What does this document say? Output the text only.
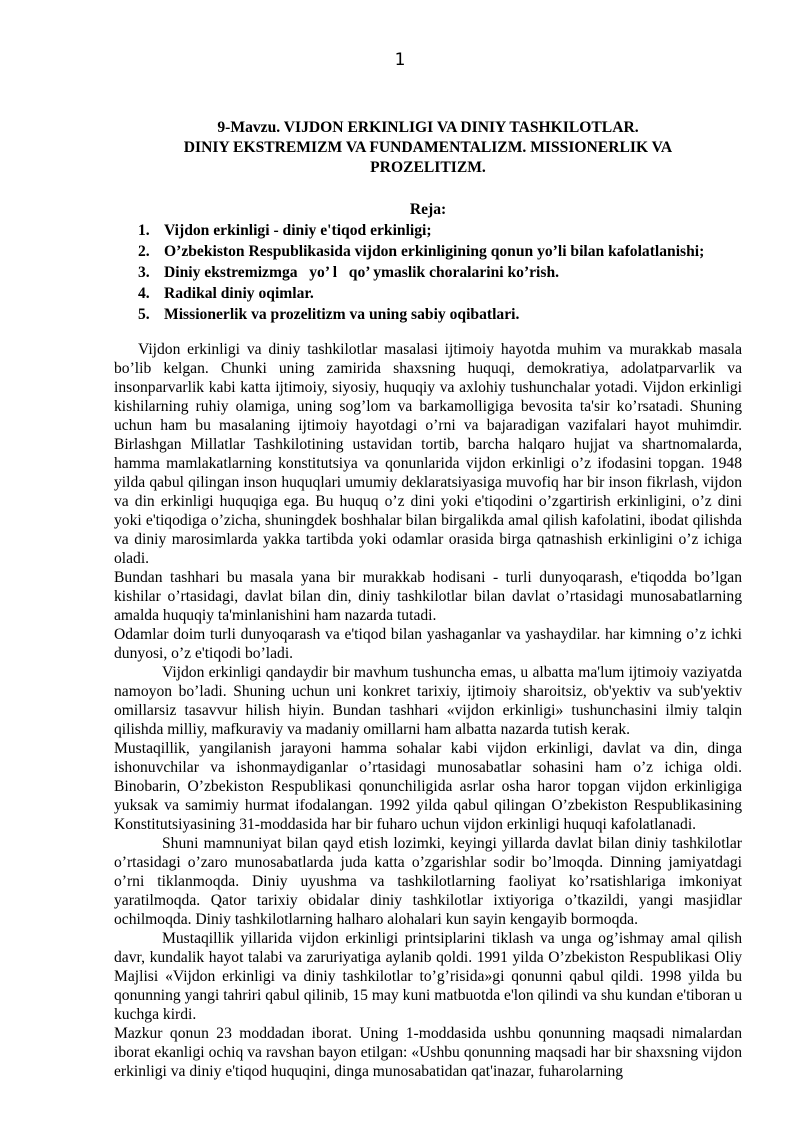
1

9-Mavzu. VIJDON ERKINLIGI VA DINIY TASHKILOTLAR.

DINIY EKSTREMIZM VA FUNDAMENTALIZM. MISSIONERLIK VA

PROZELITIZM.

Reja:

1. Vijdon erkinligi - diniy e'tiqod erkinligi;
2. O’zbekiston Respublikasida vijdon erkinligining qonun yo’li bilan kafolatlanishi;
3. Diniy ekstremizmga   yo’ l   qo’ ymaslik choralarini ko’rish.
4. Radikal diniy oqimlar.
5. Missionerlik va prozelitizm va uning sabiy oqibatlari.

Vijdon erkinligi va diniy tashkilotlar masalasi ijtimoiy hayotda muhim va murakkab masala bo’lib kelgan. Chunki uning zamirida shaxsning huquqi, demokratiya, adolatparvarlik va insonparvarlik kabi katta ijtimoiy, siyosiy, huquqiy va axlohiy tushunchalar yotadi. Vijdon erkinligi kishilarning ruhiy olamiga, uning sog’lom va barkamolligiga bevosita ta'sir ko’rsatadi. Shuning uchun ham bu masalaning ijtimoiy hayotdagi o’rni va bajaradigan vazifalari hayot muhimdir. Birlashgan Millatlar Tashkilotining ustavidan tortib, barcha halqaro hujjat va shartnomalarda, hamma mamlakatlarning konstitutsiya va qonunlarida vijdon erkinligi o’z ifodasini topgan. 1948 yilda qabul qilingan inson huquqlari umumiy deklaratsiyasiga muvofiq har bir inson fikrlash, vijdon va din erkinligi huquqiga ega. Bu huquq o’z dini yoki e'tiqodini o’zgartirish erkinligini, o’z dini yoki e'tiqodiga o’zicha, shuningdek boshhalar bilan birgalikda amal qilish kafolatini, ibodat qilishda va diniy marosimlarda yakka tartibda yoki odamlar orasida birga qatnashish erkinligini o’z ichiga oladi.

Bundan tashhari bu masala yana bir murakkab hodisani - turli dunyoqarash, e'tiqodda bo’lgan kishilar o’rtasidagi, davlat bilan din, diniy tashkilotlar bilan davlat o’rtasidagi munosabatlarning amalda huquqiy ta'minlanishini ham nazarda tutadi.

Odamlar doim turli dunyoqarash va e'tiqod bilan yashaganlar va yashaydilar. har kimning o’z ichki dunyosi, o’z e'tiqodi bo’ladi.

Vijdon erkinligi qandaydir bir mavhum tushuncha emas, u albatta ma'lum ijtimoiy vaziyatda namoyon bo’ladi. Shuning uchun uni konkret tarixiy, ijtimoiy sharoitsiz, ob'yektiv va sub'yektiv omillarsiz tasavvur hilish hiyin. Bundan tashhari «vijdon erkinligi» tushunchasini ilmiy talqin qilishda milliy, mafkuraviy va madaniy omillarni ham albatta nazarda tutish kerak.

Mustaqillik, yangilanish jarayoni hamma sohalar kabi vijdon erkinligi, davlat va din, dinga ishonuvchilar va ishonmaydiganlar o’rtasidagi munosabatlar sohasini ham o’z ichiga oldi. Binobarin, O’zbekiston Respublikasi qonunchiligida asrlar osha haror topgan vijdon erkinligiga yuksak va samimiy hurmat ifodalangan. 1992 yilda qabul qilingan O’zbekiston Respublikasining Konstitutsiyasining 31-moddasida har bir fuharo uchun vijdon erkinligi huquqi kafolatlanadi.

Shuni mamnuniyat bilan qayd etish lozimki, keyingi yillarda davlat bilan diniy tashkilotlar o’rtasidagi o’zaro munosabatlarda juda katta o’zgarishlar sodir bo’lmoqda. Dinning jamiyatdagi o’rni tiklanmoqda. Diniy uyushma va tashkilotlarning faoliyat ko’rsatishlariga imkoniyat yaratilmoqda. Qator tarixiy obidalar diniy tashkilotlar ixtiyoriga o’tkazildi, yangi masjidlar ochilmoqda. Diniy tashkilotlarning halharo alohalari kun sayin kengayib bormoqda.

Mustaqillik yillarida vijdon erkinligi printsiplarini tiklash va unga og’ishmay amal qilish davr, kundalik hayot talabi va zaruriyatiga aylanib qoldi. 1991 yilda O’zbekiston Respublikasi Oliy Majlisi «Vijdon erkinligi va diniy tashkilotlar to’g’risida»gi qonunni qabul qildi. 1998 yilda bu qonunning yangi tahriri qabul qilinib, 15 may kuni matbuotda e'lon qilindi va shu kundan e'tiboran u kuchga kirdi.

Mazkur qonun 23 moddadan iborat. Uning 1-moddasida ushbu qonunning maqsadi nimalardan iborat ekanligi ochiq va ravshan bayon etilgan: «Ushbu qonunning maqsadi har bir shaxsning vijdon erkinligi va diniy e'tiqod huquqini, dinga munosabatidan qat'inazar, fuharolarning
